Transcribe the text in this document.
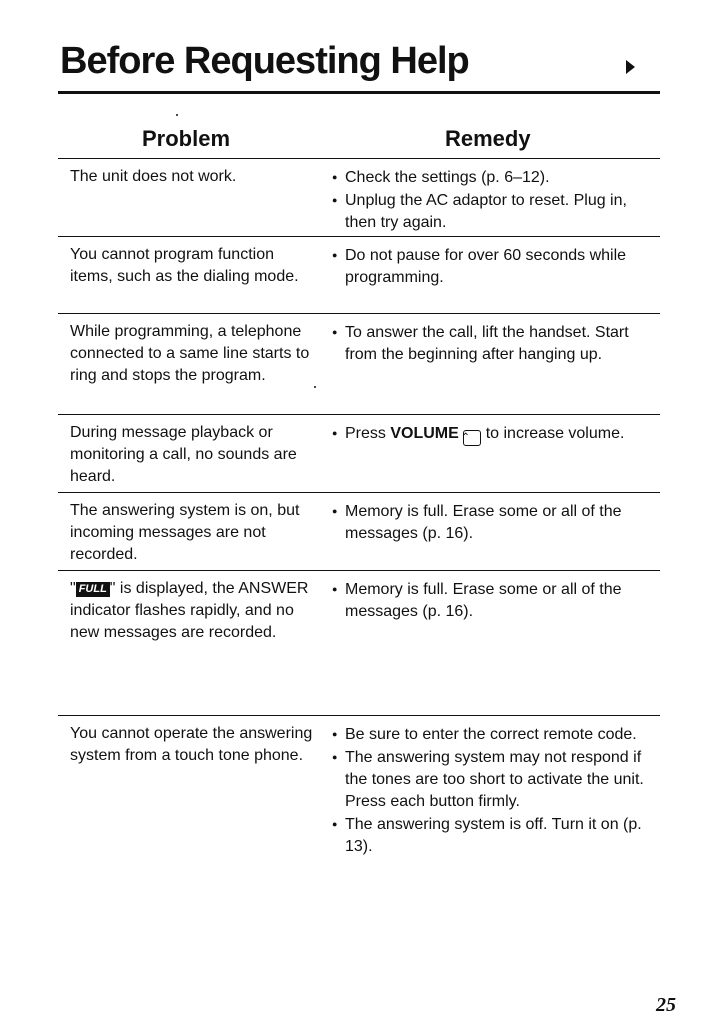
Before Requesting Help
Problem	Remedy
The unit does not work.
●	Check the settings (p. 6–12).
● Unplug the AC adaptor to reset. Plug in, then try again.
You cannot program function items, such as the dialing mode.
● Do not pause for over 60 seconds while programming.
While programming, a telephone connected to a same line starts to ring and stops the program.
● To answer the call, lift the handset. Start from the beginning after hanging up.
During message playback or monitoring a call, no sounds are heard.
● Press VOLUME ⌃ to increase volume.
The answering system is on, but incoming messages are not recorded.
● Memory is full. Erase some or all of the messages (p. 16).
" FULL " is displayed, the ANSWER indicator flashes rapidly, and no new messages are recorded.
● Memory is full. Erase some or all of the messages (p. 16).
You cannot operate the answering system from a touch tone phone.
● Be sure to enter the correct remote code.
● The answering system may not respond if the tones are too short to activate the unit. Press each button firmly.
● The answering system is off. Turn it on (p. 13).
25
